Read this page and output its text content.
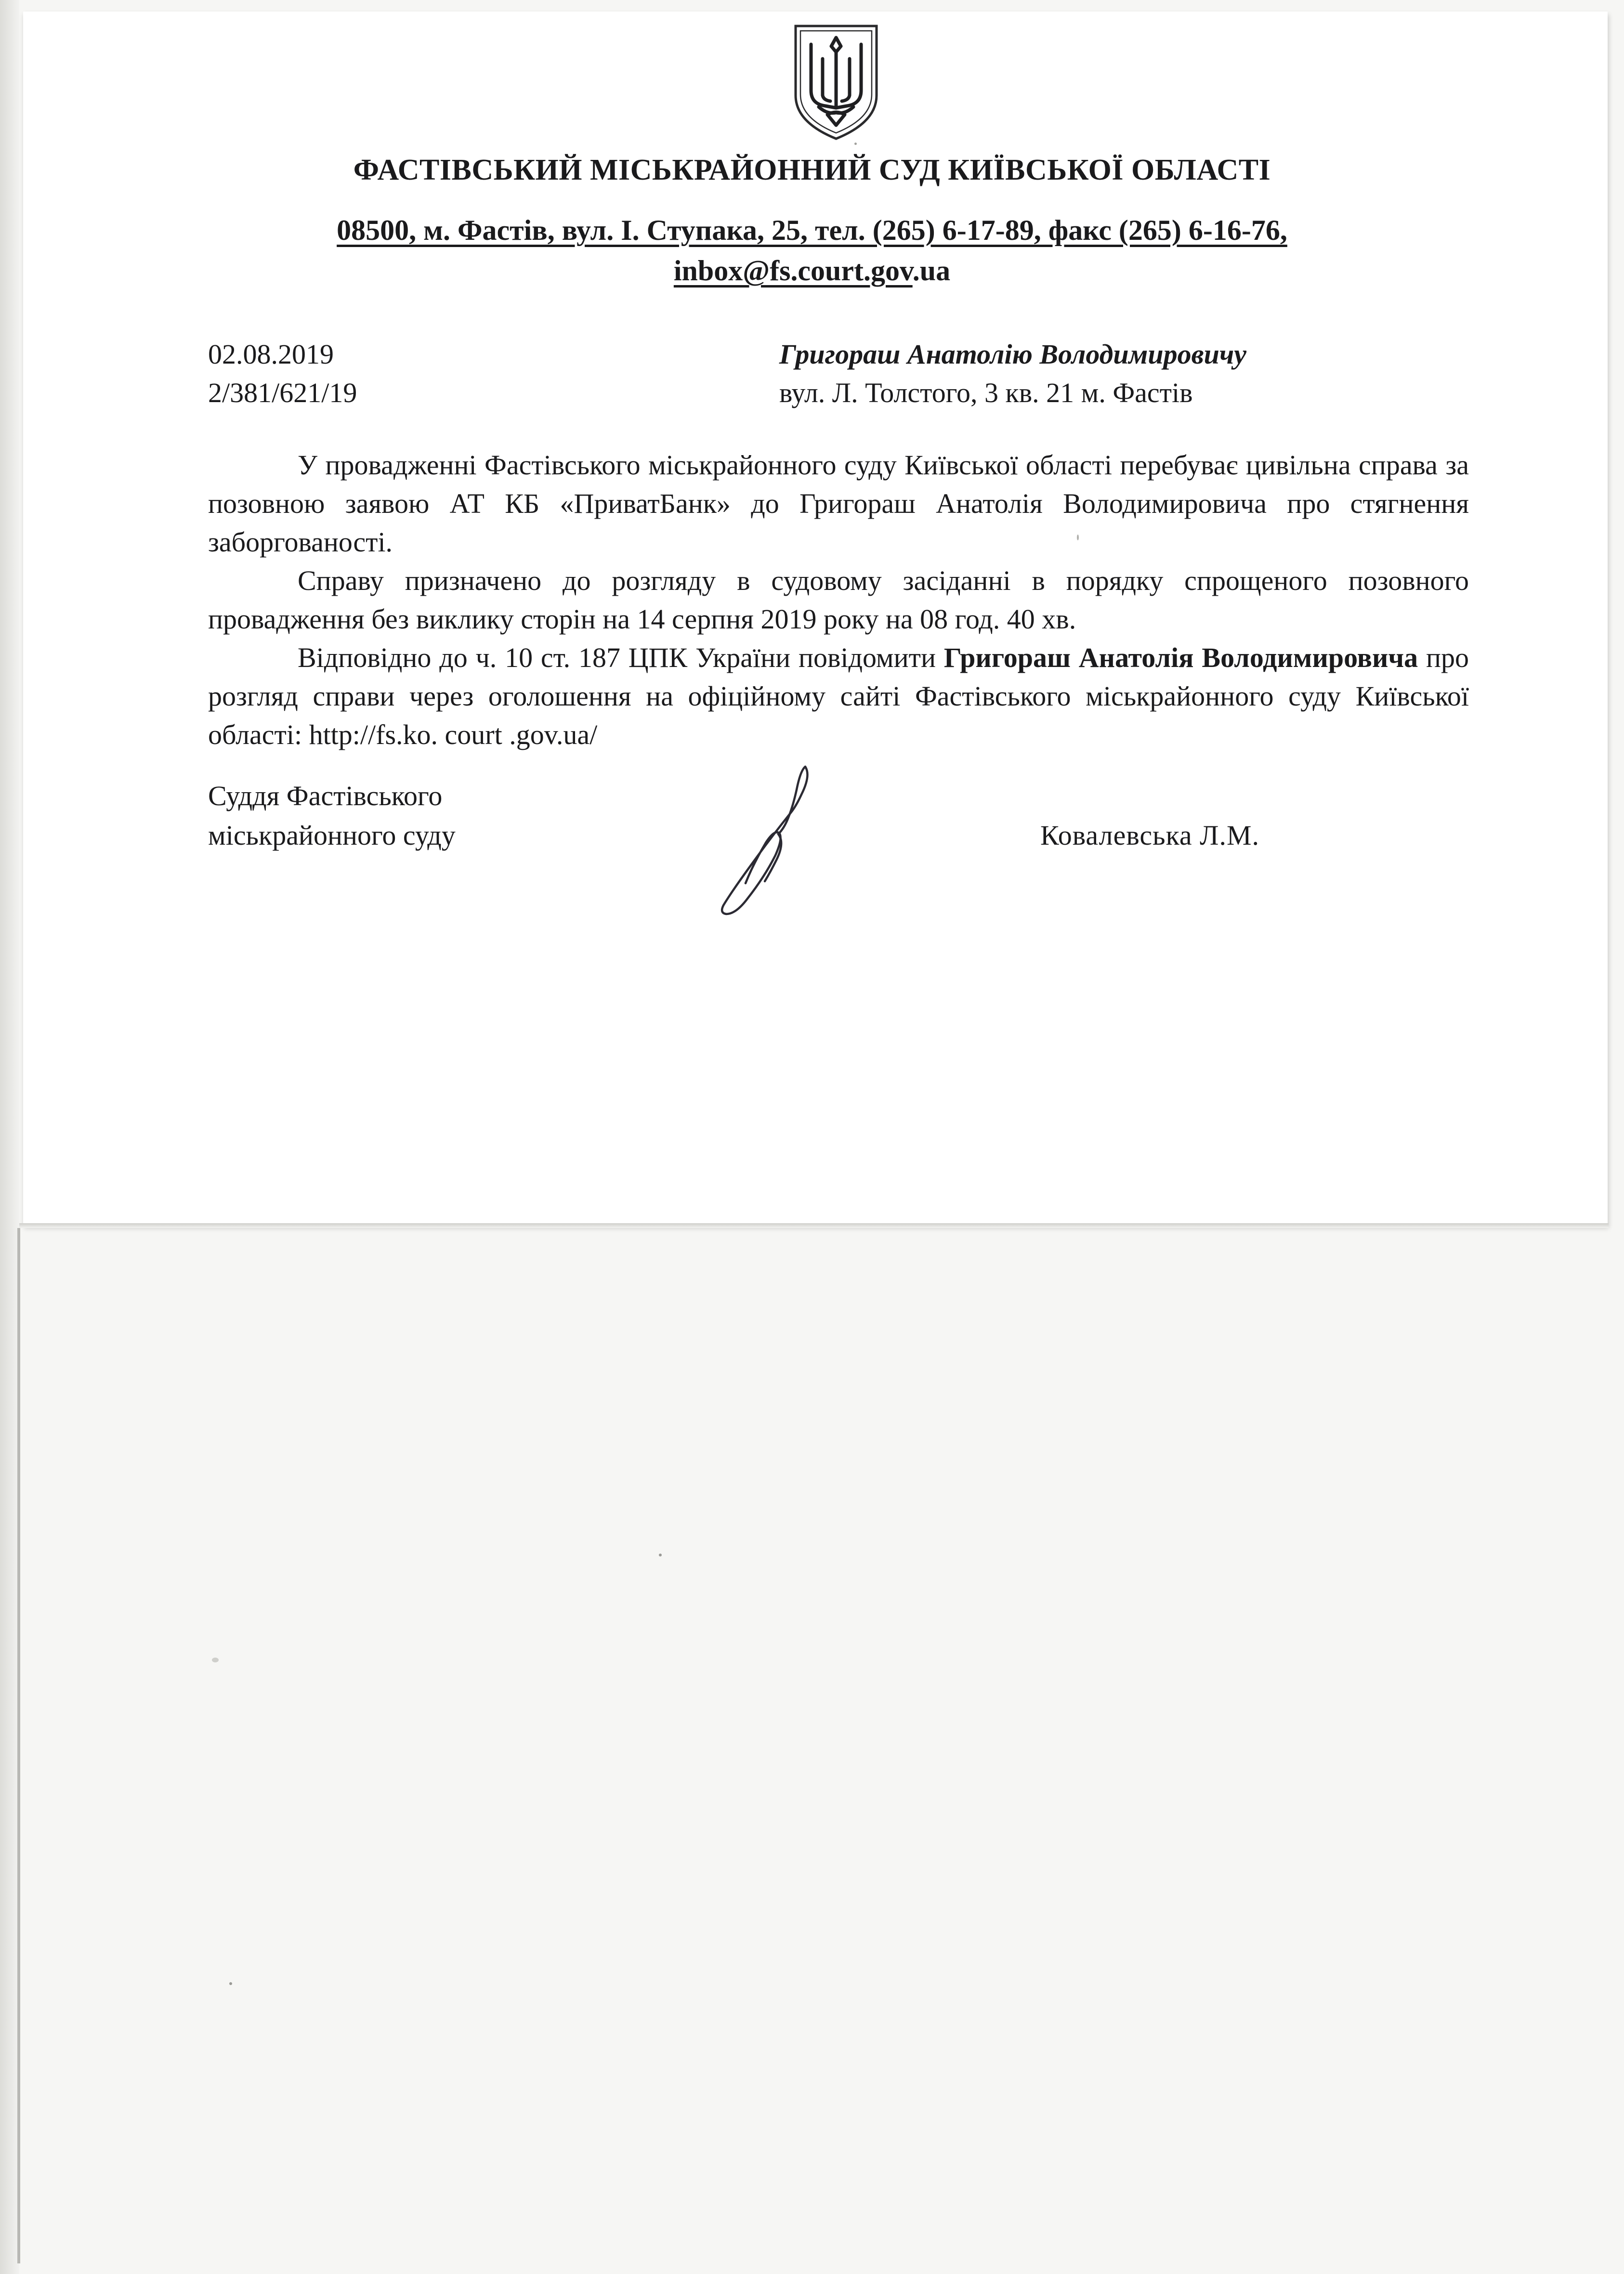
ФАСТІВСЬКИЙ МІСЬКРАЙОННИЙ СУД КИЇВСЬКОЇ ОБЛАСТІ
08500, м. Фастів, вул. І. Ступака, 25, тел. (265) 6-17-89, факс (265) 6-16-76,
inbox@fs.court.gov.ua
02.08.2019
2/381/621/19
Григораш Анатолію Володимировичу
вул. Л. Толстого, 3 кв. 21 м. Фастів

У провадженні Фастівського міськрайонного суду Київської області перебуває цивільна справа за позовною заявою АТ КБ «ПриватБанк» до Григораш Анатолія Володимировича про стягнення заборгованості.

Справу призначено до розгляду в судовому засіданні в порядку спрощеного позовного провадження без виклику сторін на 14 серпня 2019 року на 08 год. 40 хв.

Відповідно до ч. 10 ст. 187 ЦПК України повідомити Григораш Анатолія Володимировича про розгляд справи через оголошення на офіційному сайті Фастівського міськрайонного суду Київської області: http://fs.ko. court .gov.ua/

Суддя Фастівського
міськрайонного суду	Ковалевська Л.М.
